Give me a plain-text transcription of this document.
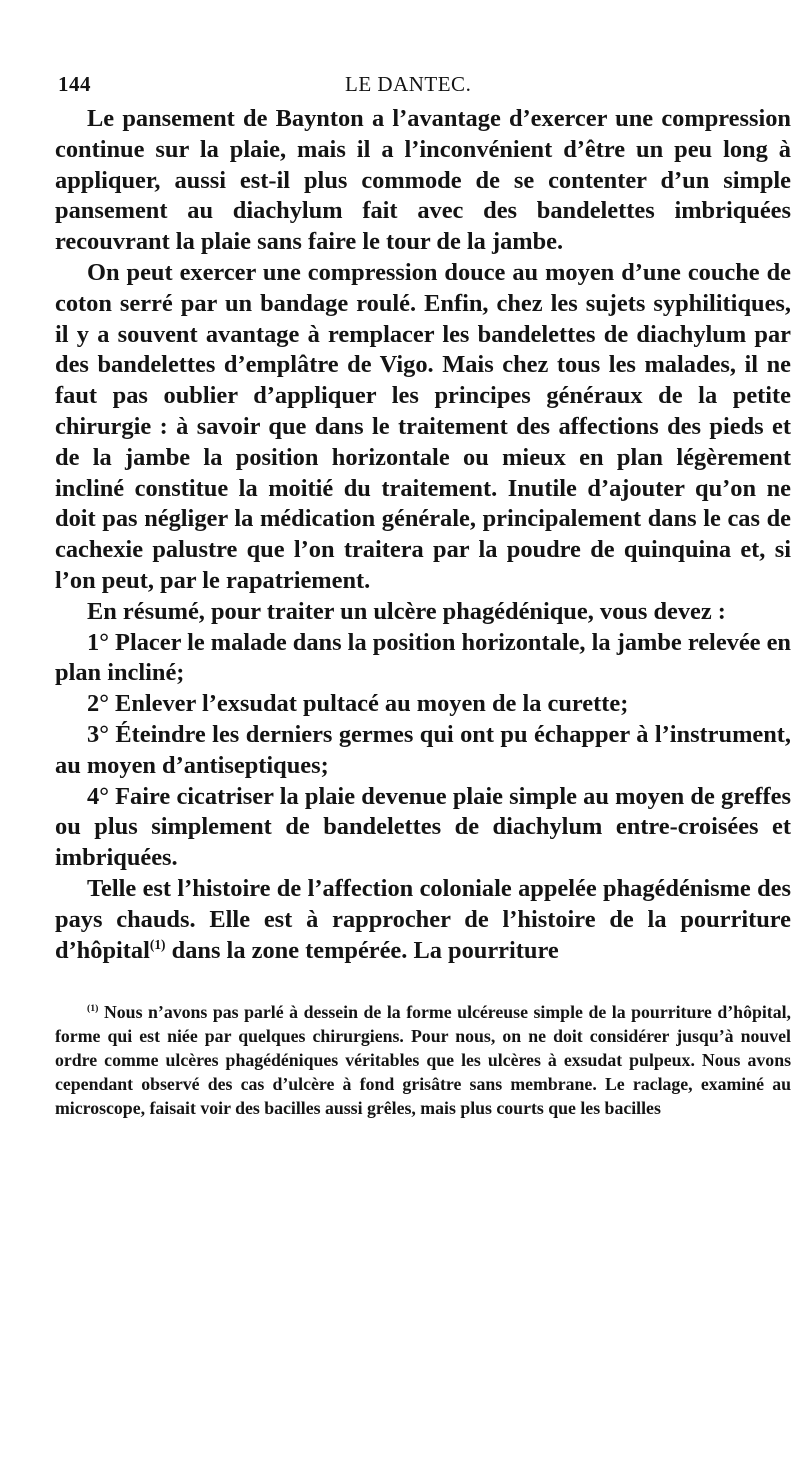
144	LE DANTEC.

Le pansement de Baynton a l’avantage d’exercer une compression continue sur la plaie, mais il a l’inconvénient d’être un peu long à appliquer, aussi est-il plus commode de se contenter d’un simple pansement au diachylum fait avec des bandelettes imbriquées recouvrant la plaie sans faire le tour de la jambe.

On peut exercer une compression douce au moyen d’une couche de coton serré par un bandage roulé. Enfin, chez les sujets syphilitiques, il y a souvent avantage à remplacer les bandelettes de diachylum par des bandelettes d’emplâtre de Vigo. Mais chez tous les malades, il ne faut pas oublier d’appliquer les principes généraux de la petite chirurgie : à savoir que dans le traitement des affections des pieds et de la jambe la position horizontale ou mieux en plan légèrement incliné constitue la moitié du traitement. Inutile d’ajouter qu’on ne doit pas négliger la médication générale, principalement dans le cas de cachexie palustre que l’on traitera par la poudre de quinquina et, si l’on peut, par le rapatriement.

En résumé, pour traiter un ulcère phagédénique, vous devez :

1° Placer le malade dans la position horizontale, la jambe relevée en plan incliné;

2° Enlever l’exsudat pultacé au moyen de la curette;

3° Éteindre les derniers germes qui ont pu échapper à l’instrument, au moyen d’antiseptiques;

4° Faire cicatriser la plaie devenue plaie simple au moyen de greffes ou plus simplement de bandelettes de diachylum entre-croisées et imbriquées.

Telle est l’histoire de l’affection coloniale appelée phagédénisme des pays chauds. Elle est à rapprocher de l’histoire de la pourriture d’hôpital$^{(1)}$ dans la zone tempérée. La pourriture

$^{(1)}$ Nous n’avons pas parlé à dessein de la forme ulcéreuse simple de la pourriture d’hôpital, forme qui est niée par quelques chirurgiens. Pour nous, on ne doit considérer jusqu’à nouvel ordre comme ulcères phagédéniques véritables que les ulcères à exsudat pulpeux. Nous avons cependant observé des cas d’ulcère à fond grisâtre sans membrane. Le raclage, examiné au microscope, faisait voir des bacilles aussi grêles, mais plus courts que les bacilles
